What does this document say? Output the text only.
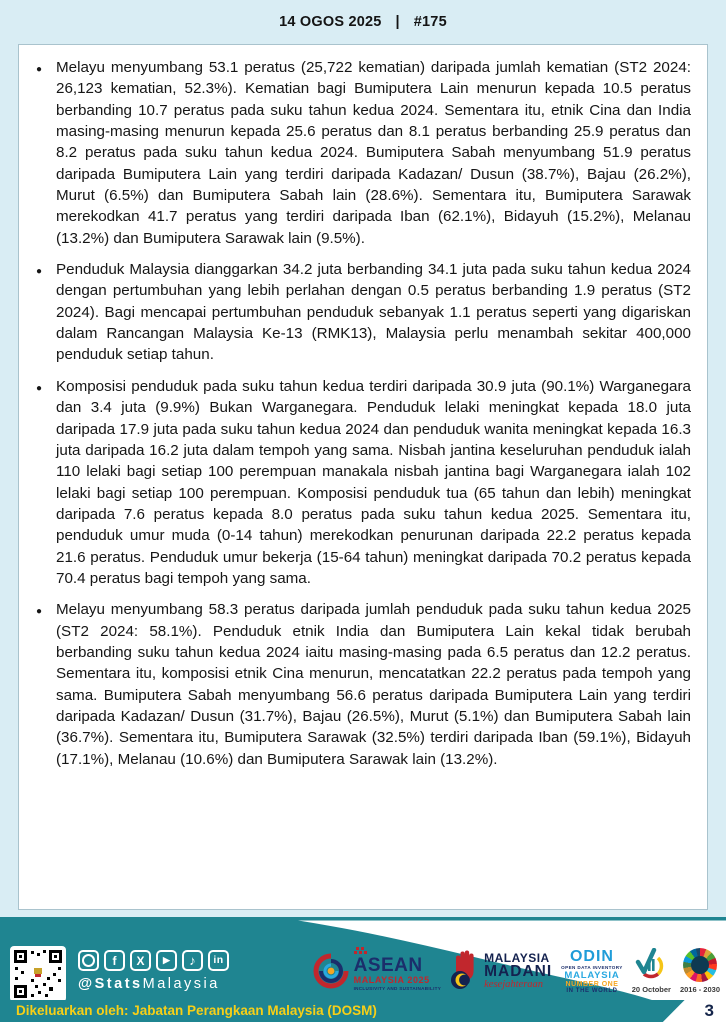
14 OGOS 2025 | #175
● Melayu menyumbang 53.1 peratus (25,722 kematian) daripada jumlah kematian (ST2 2024: 26,123 kematian, 52.3%). Kematian bagi Bumiputera Lain menurun kepada 10.5 peratus berbanding 10.7 peratus pada suku tahun kedua 2024. Sementara itu, etnik Cina dan India masing-masing menurun kepada 25.6 peratus dan 8.1 peratus berbanding 25.9 peratus dan 8.2 peratus pada suku tahun kedua 2024. Bumiputera Sabah menyumbang 51.9 peratus daripada Bumiputera Lain yang terdiri daripada Kadazan/ Dusun (38.7%), Bajau (26.2%), Murut (6.5%) dan Bumiputera Sabah lain (28.6%). Sementara itu, Bumiputera Sarawak merekodkan 41.7 peratus yang terdiri daripada Iban (62.1%), Bidayuh (15.2%), Melanau (13.2%) dan Bumiputera Sarawak lain (9.5%).
● Penduduk Malaysia dianggarkan 34.2 juta berbanding 34.1 juta pada suku tahun kedua 2024 dengan pertumbuhan yang lebih perlahan dengan 0.5 peratus berbanding 1.9 peratus (ST2 2024). Bagi mencapai pertumbuhan penduduk sebanyak 1.1 peratus seperti yang digariskan dalam Rancangan Malaysia Ke-13 (RMK13), Malaysia perlu menambah sekitar 400,000 penduduk setiap tahun.
● Komposisi penduduk pada suku tahun kedua terdiri daripada 30.9 juta (90.1%) Warganegara dan 3.4 juta (9.9%) Bukan Warganegara. Penduduk lelaki meningkat kepada 18.0 juta daripada 17.9 juta pada suku tahun kedua 2024 dan penduduk wanita meningkat kepada 16.3 juta daripada 16.2 juta dalam tempoh yang sama. Nisbah jantina keseluruhan penduduk ialah 110 lelaki bagi setiap 100 perempuan manakala nisbah jantina bagi Warganegara ialah 102 lelaki bagi setiap 100 perempuan. Komposisi penduduk tua (65 tahun dan lebih) meningkat daripada 7.6 peratus kepada 8.0 peratus pada suku tahun kedua 2025. Sementara itu, penduduk umur muda (0-14 tahun) merekodkan penurunan daripada 22.2 peratus kepada 21.6 peratus. Penduduk umur bekerja (15-64 tahun) meningkat daripada 70.2 peratus kepada 70.4 peratus bagi tempoh yang sama.
● Melayu menyumbang 58.3 peratus daripada jumlah penduduk pada suku tahun kedua 2025 (ST2 2024: 58.1%). Penduduk etnik India dan Bumiputera Lain kekal tidak berubah berbanding suku tahun kedua 2024 iaitu masing-masing pada 6.5 peratus dan 12.2 peratus. Sementara itu, komposisi etnik Cina menurun, mencatatkan 22.2 peratus pada tempoh yang sama. Bumiputera Sabah menyumbang 56.6 peratus daripada Bumiputera Lain yang terdiri daripada Kadazan/ Dusun (31.7%), Bajau (26.5%), Murut (5.1%) dan Bumiputera Sabah lain (36.7%). Sementara itu, Bumiputera Sarawak (32.5%) terdiri daripada Iban (59.1%), Bidayuh (17.1%), Melanau (10.6%) dan Bumiputera Sarawak lain (13.2%).
f	X	▶	♪	in
@StatsMalaysia
ASEAN
MALAYSIA 2025
INCLUSIVITY AND SUSTAINABILITY
MALAYSIA
MADANI
kesejahteraan
ODIN
OPEN DATA INVENTORY
MALAYSIA
NUMBER ONE
IN THE WORLD 20 October 2016 - 2030
Dikeluarkan oleh: Jabatan Perangkaan Malaysia (DOSM)	3
